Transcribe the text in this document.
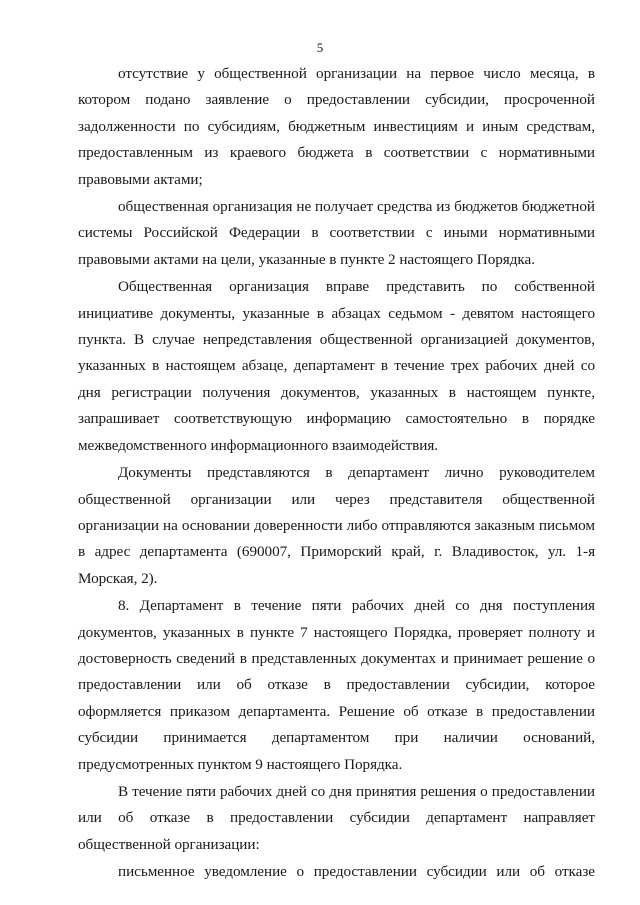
5

отсутствие у общественной организации на первое число месяца, в котором подано заявление о предоставлении субсидии, просроченной задолженности по субсидиям, бюджетным инвестициям и иным средствам, предоставленным из краевого бюджета в соответствии с нормативными правовыми актами;

общественная организация не получает средства из бюджетов бюджетной системы Российской Федерации в соответствии с иными нормативными правовыми актами на цели, указанные в пункте 2 настоящего Порядка.

Общественная организация вправе представить по собственной инициативе документы, указанные в абзацах седьмом - девятом настоящего пункта. В случае непредставления общественной организацией документов, указанных в настоящем абзаце, департамент в течение трех рабочих дней со дня регистрации получения документов, указанных в настоящем пункте, запрашивает соответствующую информацию самостоятельно в порядке межведомственного информационного взаимодействия.

Документы представляются в департамент лично руководителем общественной организации или через представителя общественной организации на основании доверенности либо отправляются заказным письмом в адрес департамента (690007, Приморский край, г. Владивосток, ул. 1-я Морская, 2).

8. Департамент в течение пяти рабочих дней со дня поступления документов, указанных в пункте 7 настоящего Порядка, проверяет полноту и достоверность сведений в представленных документах и принимает решение о предоставлении или об отказе в предоставлении субсидии, которое оформляется приказом департамента. Решение об отказе в предоставлении субсидии принимается департаментом при наличии оснований, предусмотренных пунктом 9 настоящего Порядка.

В течение пяти рабочих дней со дня принятия решения о предоставлении или об отказе в предоставлении субсидии департамент направляет общественной организации:

письменное уведомление о предоставлении субсидии или об отказе
